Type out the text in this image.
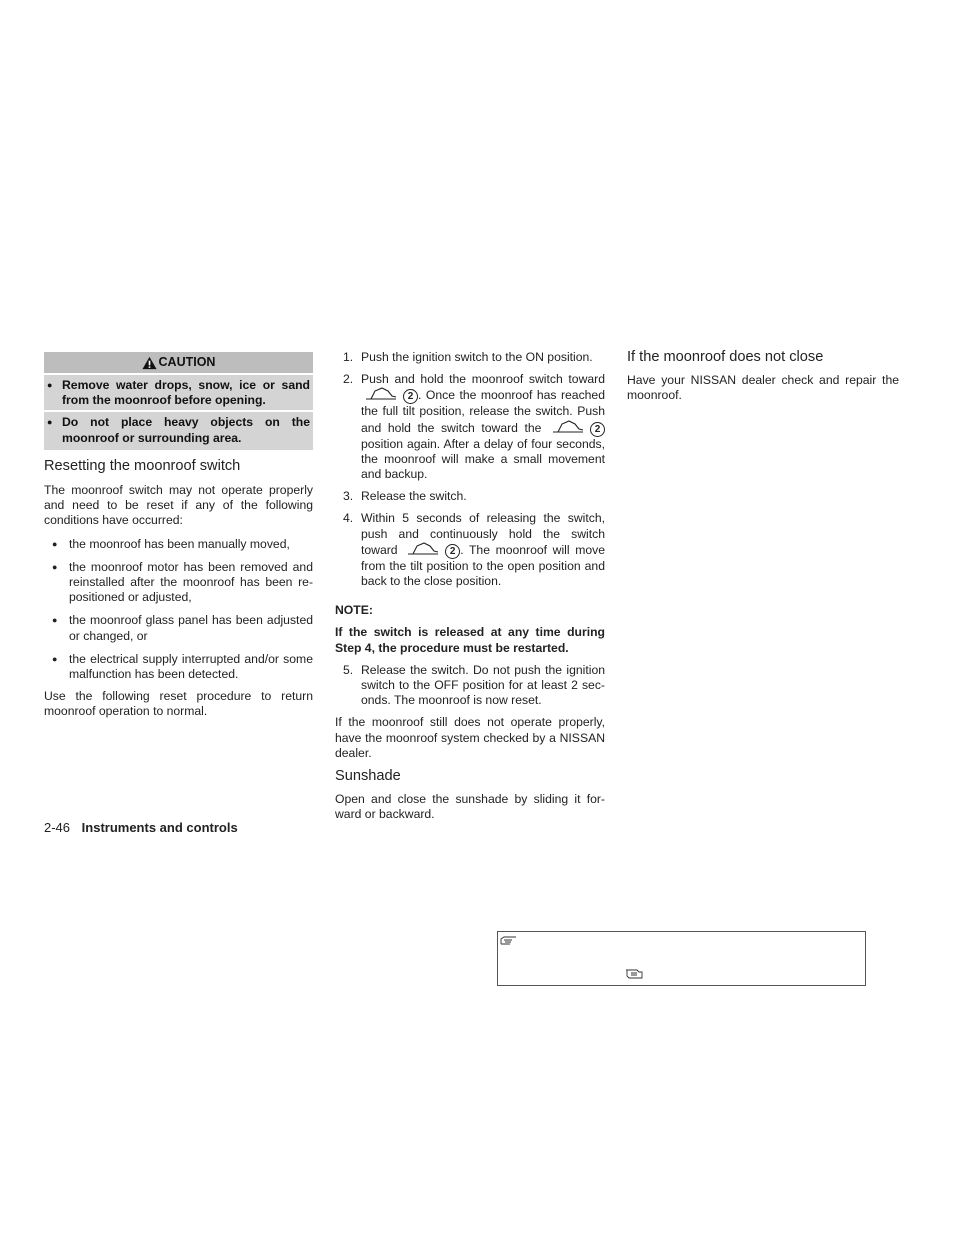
CAUTION
● Remove water drops, snow, ice or sand from the moonroof before opening.
● Do not place heavy objects on the moonroof or surrounding area.
Resetting the moonroof switch

The moonroof switch may not operate properly and need to be reset if any of the following conditions have occurred:

● the moonroof has been manually moved,
● the moonroof motor has been removed and reinstalled after the moonroof has been re-positioned or adjusted,
● the moonroof glass panel has been adjusted or changed, or
● the electrical supply interrupted and/or some malfunction has been detected.

Use the following reset procedure to return moonroof operation to normal.

1. Push the ignition switch to the ON position.
2. Push and hold the moonroof switch toward 2 . Once the moonroof has reached the full tilt position, release the switch. Push and hold the switch toward the	2 position again. After a delay of four seconds, the moonroof will make a small movement and backup.
3. Release the switch.
4. Within 5 seconds of releasing the switch, push and continuously hold the switch toward	2 . The moonroof will move from the tilt position to the open position and back to the close position.

NOTE:

If the switch is released at any time during Step 4, the procedure must be restarted.

5. Release the switch. Do not push the ignition switch to the OFF position for at least 2 sec-onds. The moonroof is now reset.

If the moonroof still does not operate properly, have the moonroof system checked by a NISSAN dealer.

Sunshade

Open and close the sunshade by sliding it for-ward or backward.

If the moonroof does not close

Have your NISSAN dealer check and repair the moonroof.

2-46 Instruments and controls
